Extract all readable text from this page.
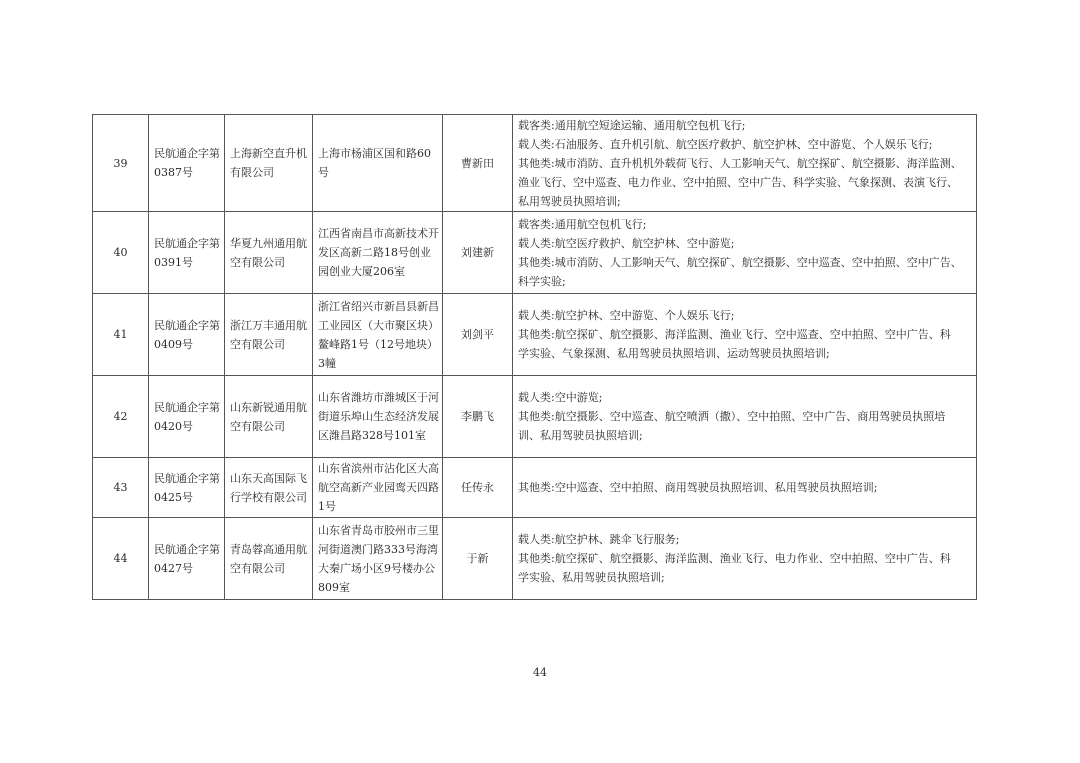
39	民航通企字第0387号	上海新空直升机有限公司	上海市杨浦区国和路60号	曹新田	载客类:通用航空短途运输、通用航空包机飞行;
载人类:石油服务、直升机引航、航空医疗救护、航空护林、空中游览、个人娱乐飞行;
其他类:城市消防、直升机机外载荷飞行、人工影响天气、航空探矿、航空摄影、海洋监测、
渔业飞行、空中巡查、电力作业、空中拍照、空中广告、科学实验、气象探测、表演飞行、
私用驾驶员执照培训;

40	民航通企字第0391号	华夏九州通用航空有限公司	江西省南昌市高新技术开发区高新二路18号创业园创业大厦206室	刘建新	载客类:通用航空包机飞行;
载人类:航空医疗救护、航空护林、空中游览;
其他类:城市消防、人工影响天气、航空探矿、航空摄影、空中巡查、空中拍照、空中广告、
科学实验;

41	民航通企字第0409号	浙江万丰通用航空有限公司	浙江省绍兴市新昌县新昌工业园区（大市聚区块）鳌峰路1号（12号地块）3幢	刘剑平	载人类:航空护林、空中游览、个人娱乐飞行;
其他类:航空探矿、航空摄影、海洋监测、渔业飞行、空中巡查、空中拍照、空中广告、科
学实验、气象探测、私用驾驶员执照培训、运动驾驶员执照培训;

42	民航通企字第0420号	山东新锐通用航空有限公司	山东省潍坊市潍城区于河街道乐埠山生态经济发展区潍昌路328号101室	李鹏飞	载人类:空中游览;
其他类:航空摄影、空中巡查、航空喷洒（撒）、空中拍照、空中广告、商用驾驶员执照培
训、私用驾驶员执照培训;

43	民航通企字第0425号	山东天高国际飞行学校有限公司	山东省滨州市沾化区大高航空高新产业园鸾天四路1号	任传永	其他类:空中巡查、空中拍照、商用驾驶员执照培训、私用驾驶员执照培训;

44	民航通企字第0427号	青岛蓉高通用航空有限公司	山东省青岛市胶州市三里河街道澳门路333号海湾大秦广场小区9号楼办公809室	于新	载人类:航空护林、跳伞飞行服务;
其他类:航空探矿、航空摄影、海洋监测、渔业飞行、电力作业、空中拍照、空中广告、科
学实验、私用驾驶员执照培训;
44
